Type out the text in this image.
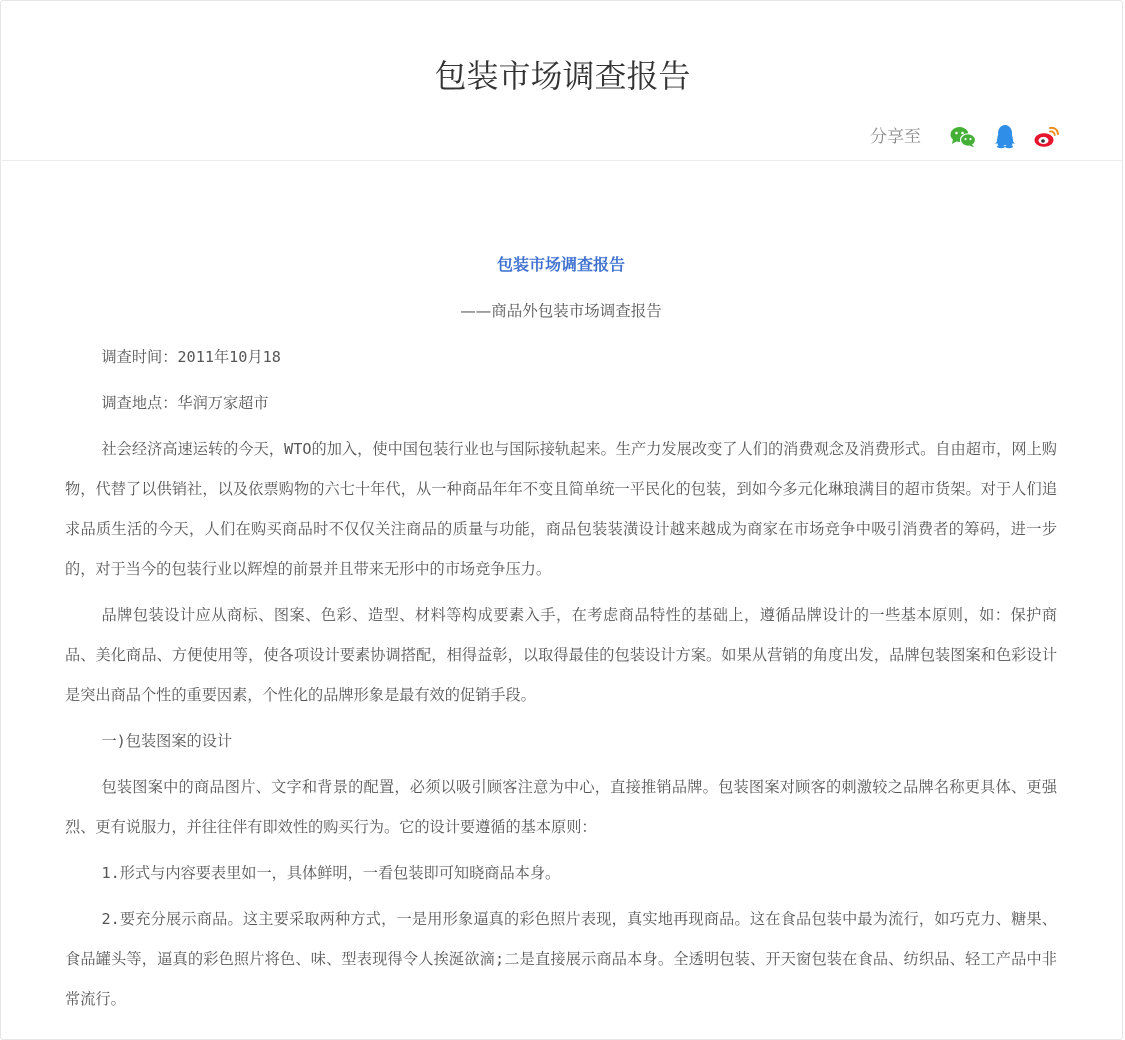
包装市场调查报告
分享至

包装市场调查报告

——商品外包装市场调查报告

调查时间：2011年10月18

调查地点：华润万家超市

社会经济高速运转的今天，WTO的加入，使中国包装行业也与国际接轨起来。生产力发展改变了人们的消费观念及消费形式。自由超市，网上购物，代替了以供销社，以及依票购物的六七十年代，从一种商品年年不变且简单统一平民化的包装，到如今多元化琳琅满目的超市货架。对于人们追求品质生活的今天，人们在购买商品时不仅仅关注商品的质量与功能，商品包装装潢设计越来越成为商家在市场竞争中吸引消费者的筹码，进一步的，对于当今的包装行业以辉煌的前景并且带来无形中的市场竞争压力。

品牌包装设计应从商标、图案、色彩、造型、材料等构成要素入手，在考虑商品特性的基础上，遵循品牌设计的一些基本原则，如：保护商品、美化商品、方便使用等，使各项设计要素协调搭配，相得益彰，以取得最佳的包装设计方案。如果从营销的角度出发，品牌包装图案和色彩设计是突出商品个性的重要因素，个性化的品牌形象是最有效的促销手段。

一)包装图案的设计

包装图案中的商品图片、文字和背景的配置，必须以吸引顾客注意为中心，直接推销品牌。包装图案对顾客的刺激较之品牌名称更具体、更强烈、更有说服力，并往往伴有即效性的购买行为。它的设计要遵循的基本原则：

1.形式与内容要表里如一，具体鲜明，一看包装即可知晓商品本身。

2.要充分展示商品。这主要采取两种方式，一是用形象逼真的彩色照片表现，真实地再现商品。这在食品包装中最为流行，如巧克力、糖果、食品罐头等，逼真的彩色照片将色、味、型表现得令人挨涎欲滴;二是直接展示商品本身。全透明包装、开天窗包装在食品、纺织品、轻工产品中非常流行。
